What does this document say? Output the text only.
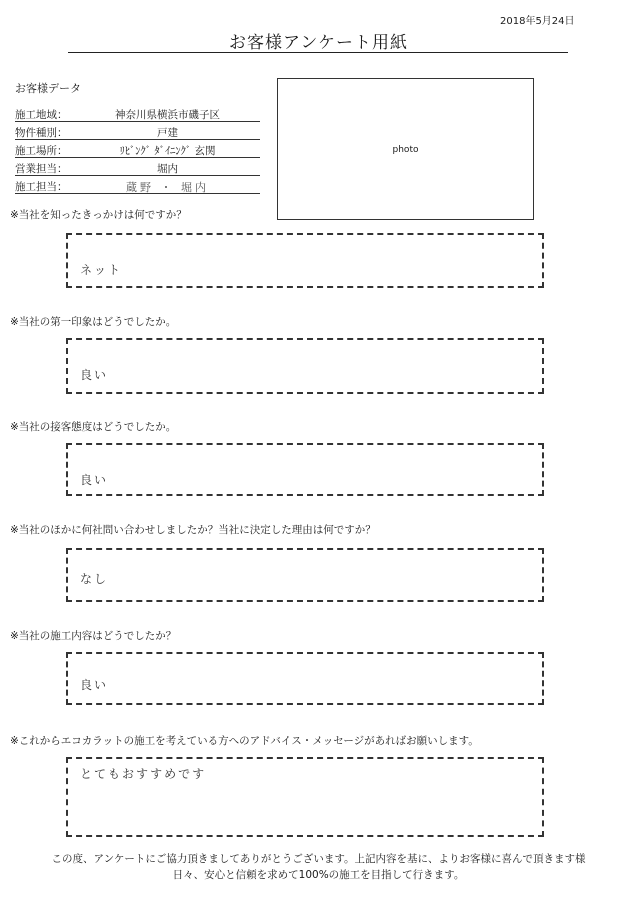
2018年5月24日
お客様アンケート用紙
お客様データ
施工地域：	神奈川県横浜市磯子区
物件種別：	戸建
施工場所：	ﾘﾋﾞﾝｸﾞ ﾀﾞｲﾆﾝｸﾞ 玄関
営業担当：	堀内
施工担当：	蔵野 ・ 堀内
photo
※当社を知ったきっかけは何ですか？
ネット
※当社の第一印象はどうでしたか。
良い
※当社の接客態度はどうでしたか。
良い
※当社のほかに何社問い合わせしましたか？当社に決定した理由は何ですか？
なし
※当社の施工内容はどうでしたか？
良い
※これからエコカラットの施工を考えている方へのアドバイス・メッセージがあればお願いします。
とてもおすすめです
この度、アンケートにご協力頂きましてありがとうございます。上記内容を基に、よりお客様に喜んで頂きます様
日々、安心と信頼を求めて100%の施工を目指して行きます。
